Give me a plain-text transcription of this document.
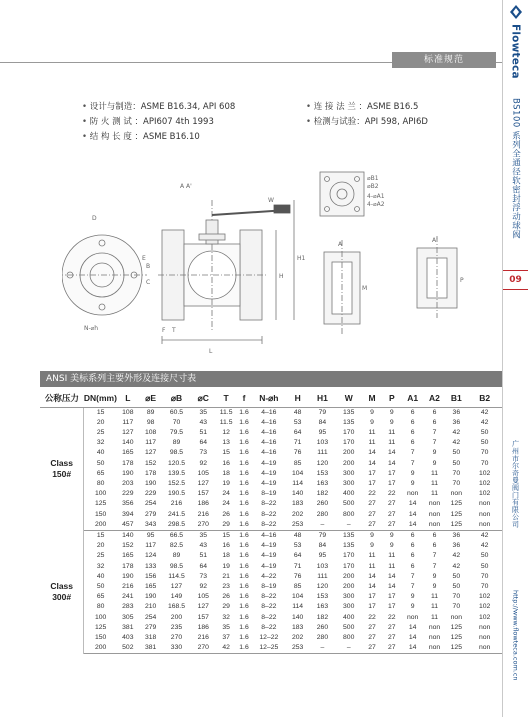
Flowteca
BS100 系列全通径软密封浮动球阀
09
广州市尔奇曼阀门有限公司
http://www.flowteca.com.cn
标准规范
• 设计与制造：ASME B16.34, API 608
• 防 火 测 试 ：API607 4th 1993
• 结 构 长 度 ：ASME B16.10
• 连 接 法 兰 ：ASME B16.5
• 检测与试验：API 598, API6D
A A'
L
H
H1
W
⌀B1
⌀B2
4-⌀A1
4-⌀A2
A
A'
M
P
D
E
B
C
F T
N-⌀h
ANSI 美标系列主要外形及连接尺寸表
公称压力	DN(mm)	L	⌀E	⌀B	⌀C	T	f	N-⌀h	H	H1	W	M	P	A1	A2	B1	B2
Class 150#	15	108	89	60.5	35	11.5	1.6	4–16	48	79	135	9	9	6	6	36	42
	20	117	98	70	43	11.5	1.6	4–16	53	84	135	9	9	6	6	36	42
	25	127	108	79.5	51	12	1.6	4–16	64	95	170	11	11	6	7	42	50
	32	140	117	89	64	13	1.6	4–16	71	103	170	11	11	6	7	42	50
	40	165	127	98.5	73	15	1.6	4–16	76	111	200	14	14	7	9	50	70
	50	178	152	120.5	92	16	1.6	4–19	85	120	200	14	14	7	9	50	70
	65	190	178	139.5	105	18	1.6	4–19	104	153	300	17	17	9	11	70	102
	80	203	190	152.5	127	19	1.6	4–19	114	163	300	17	17	9	11	70	102
	100	229	229	190.5	157	24	1.6	8–19	140	182	400	22	22	non	11	non	102
	125	356	254	216	186	24	1.6	8–22	183	260	500	27	27	14	non	125	non
	150	394	279	241.5	216	26	1.6	8–22	202	280	800	27	27	14	non	125	non
	200	457	343	298.5	270	29	1.6	8–22	253	–	–	27	27	14	non	125	non
Class 300#	15	140	95	66.5	35	15	1.6	4–16	48	79	135	9	9	6	6	36	42
	20	152	117	82.5	43	16	1.6	4–19	53	84	135	9	9	6	6	36	42
	25	165	124	89	51	18	1.6	4–19	64	95	170	11	11	6	7	42	50
	32	178	133	98.5	64	19	1.6	4–19	71	103	170	11	11	6	7	42	50
	40	190	156	114.5	73	21	1.6	4–22	76	111	200	14	14	7	9	50	70
	50	216	165	127	92	23	1.6	8–19	85	120	200	14	14	7	9	50	70
	65	241	190	149	105	26	1.6	8–22	104	153	300	17	17	9	11	70	102
	80	283	210	168.5	127	29	1.6	8–22	114	163	300	17	17	9	11	70	102
	100	305	254	200	157	32	1.6	8–22	140	182	400	22	22	non	11	non	102
	125	381	279	235	186	35	1.6	8–22	183	260	500	27	27	14	non	125	non
	150	403	318	270	216	37	1.6	12–22	202	280	800	27	27	14	non	125	non
	200	502	381	330	270	42	1.6	12–25	253	–	–	27	27	14	non	125	non
